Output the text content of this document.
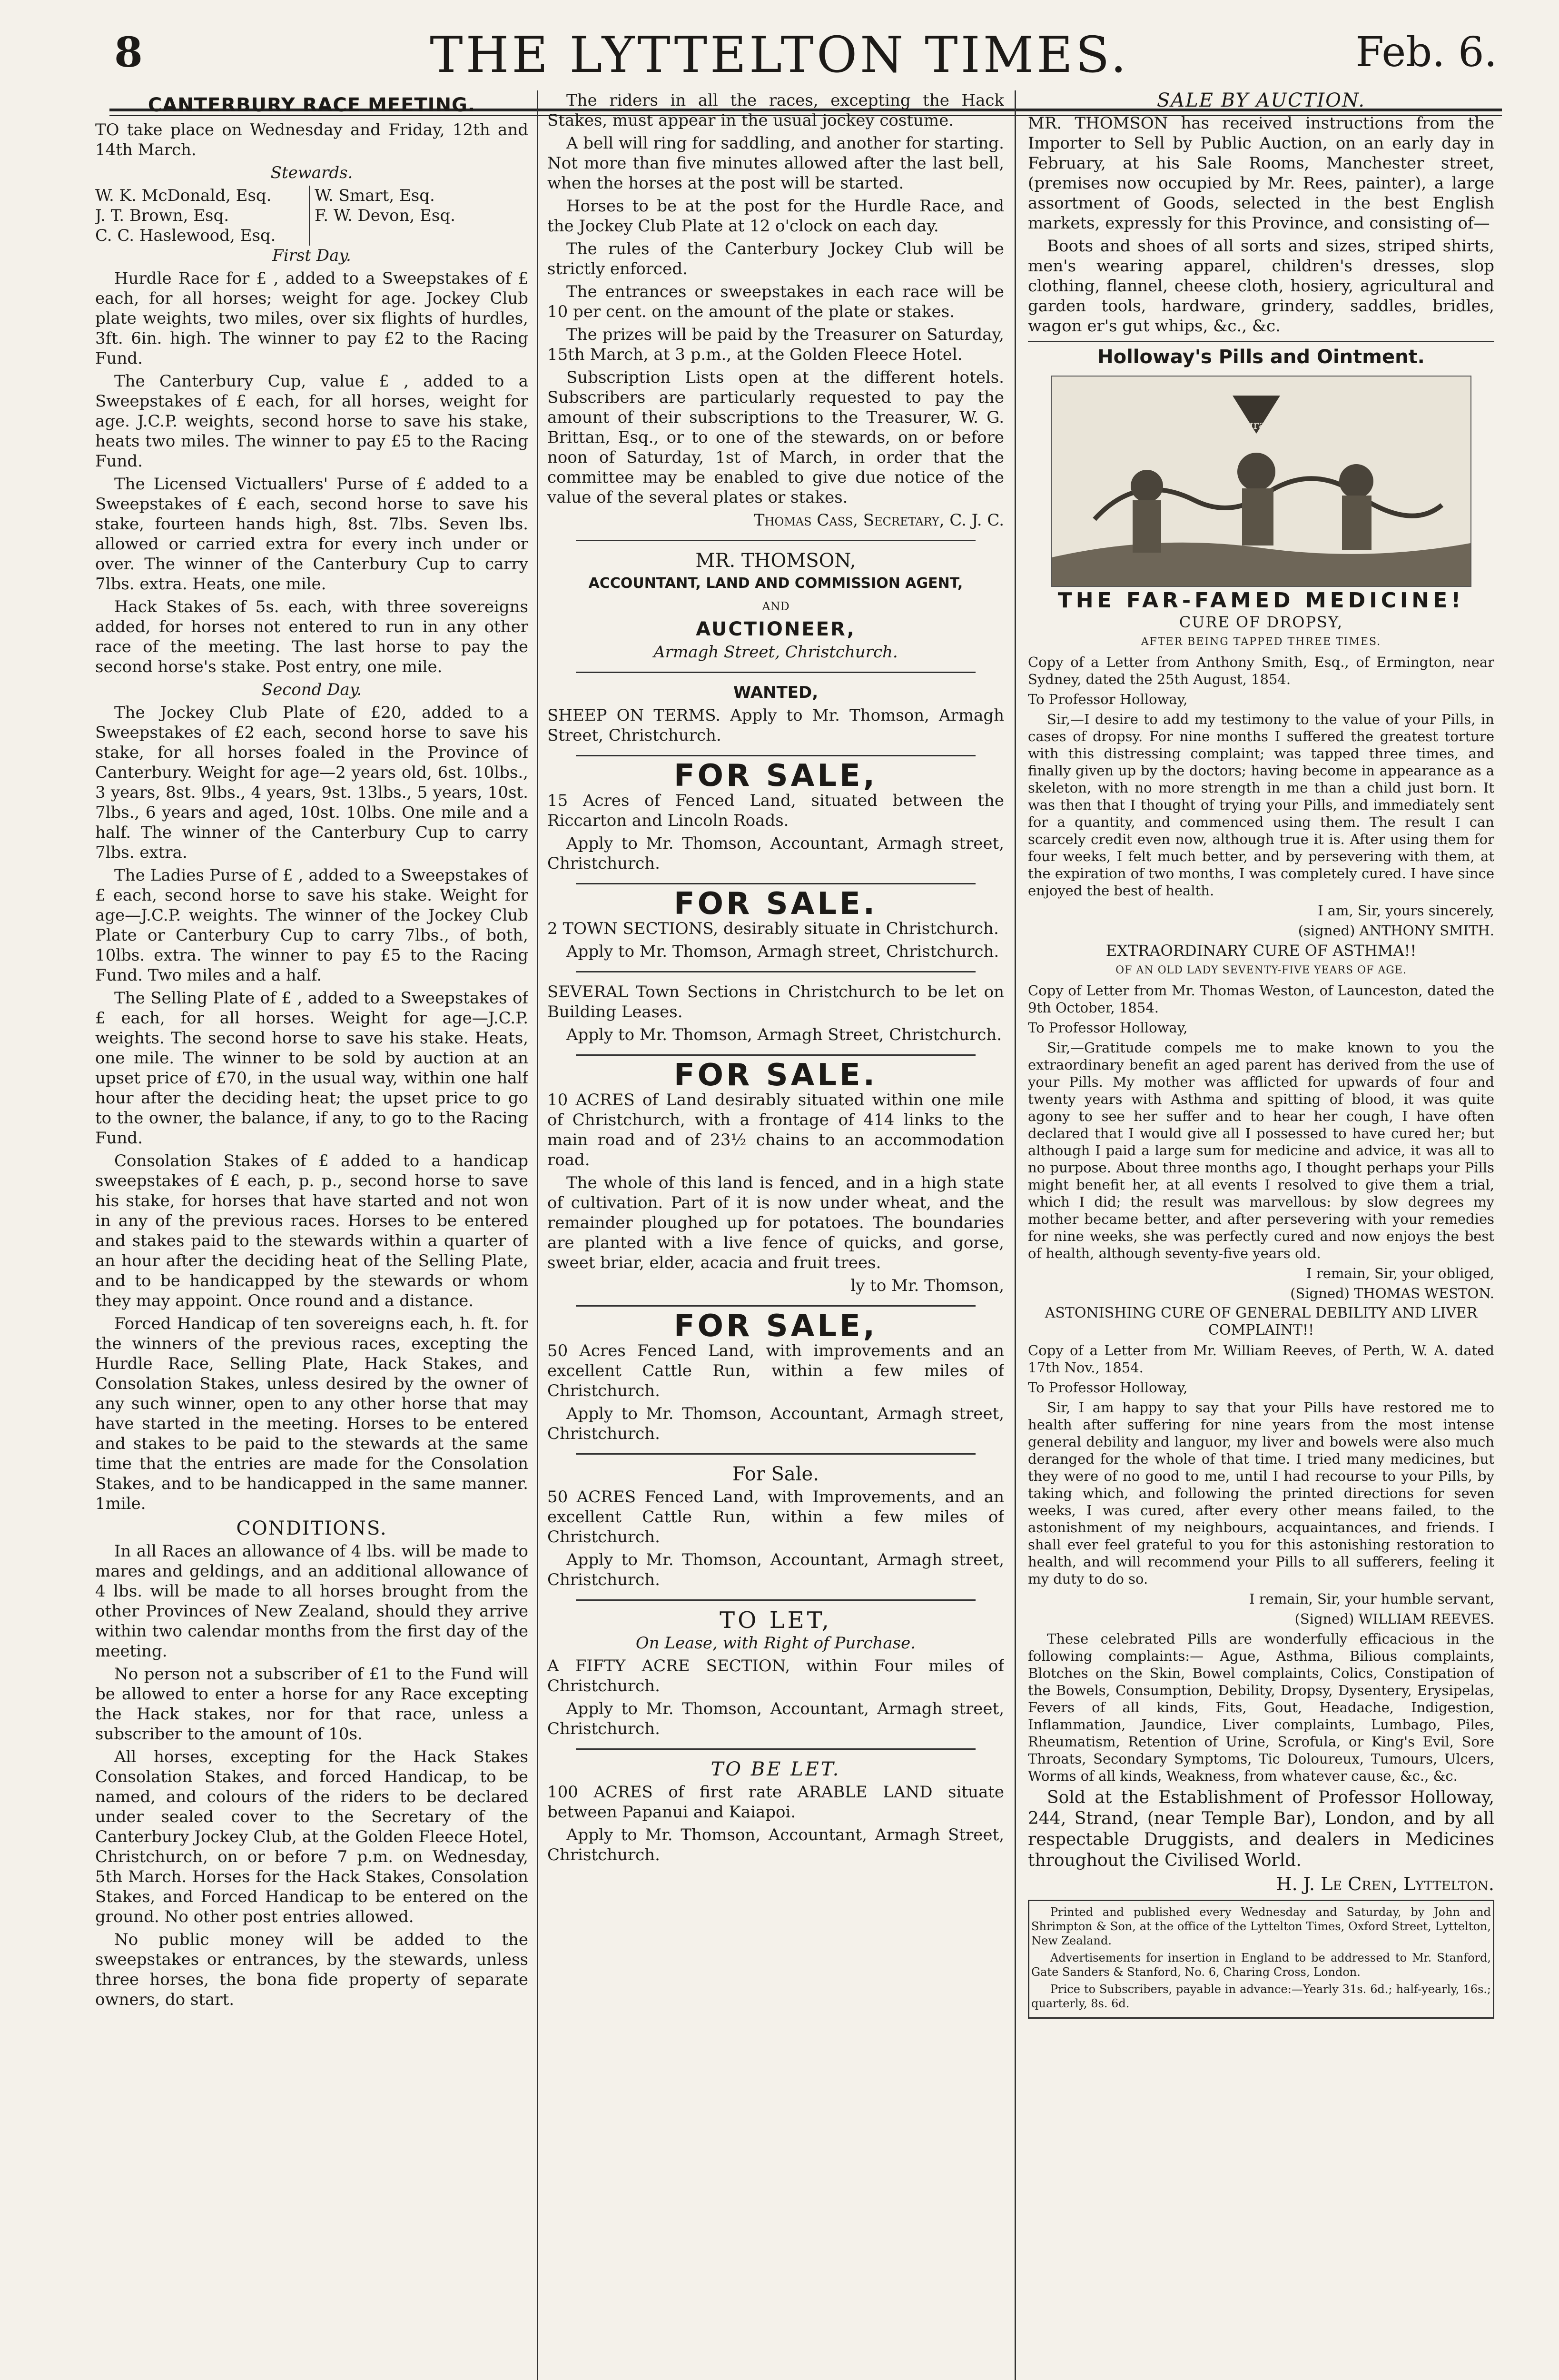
8	THE LYTTELTON TIMES.	Feb. 6.

CANTERBURY RACE MEETING.

TO take place on Wednesday and Friday, 12th and 14th March.

Stewards.

W. K. McDonald, Esq.
J. T. Brown, Esq.
C. C. Haslewood, Esq.
W. Smart, Esq.
F. W. Devon, Esq.

First Day.

Hurdle Race for £ , added to a Sweepstakes of £ each, for all horses; weight for age. Jockey Club plate weights, two miles, over six flights of hurdles, 3ft. 6in. high. The winner to pay £2 to the Racing Fund.

The Canterbury Cup, value £ , added to a Sweepstakes of £ each, for all horses, weight for age. J.C.P. weights, second horse to save his stake, heats two miles. The winner to pay £5 to the Racing Fund.

The Licensed Victuallers' Purse of £ added to a Sweepstakes of £ each, second horse to save his stake, fourteen hands high, 8st. 7lbs. Seven lbs. allowed or carried extra for every inch under or over. The winner of the Canterbury Cup to carry 7lbs. extra. Heats, one mile.

Hack Stakes of 5s. each, with three sovereigns added, for horses not entered to run in any other race of the meeting. The last horse to pay the second horse's stake. Post entry, one mile.

Second Day.

The Jockey Club Plate of £20, added to a Sweepstakes of £2 each, second horse to save his stake, for all horses foaled in the Province of Canterbury. Weight for age—2 years old, 6st. 10lbs., 3 years, 8st. 9lbs., 4 years, 9st. 13lbs., 5 years, 10st. 7lbs., 6 years and aged, 10st. 10lbs. One mile and a half. The winner of the Canterbury Cup to carry 7lbs. extra.

The Ladies Purse of £ , added to a Sweepstakes of £ each, second horse to save his stake. Weight for age—J.C.P. weights. The winner of the Jockey Club Plate or Canterbury Cup to carry 7lbs., of both, 10lbs. extra. The winner to pay £5 to the Racing Fund. Two miles and a half.

The Selling Plate of £ , added to a Sweepstakes of £ each, for all horses. Weight for age—J.C.P. weights. The second horse to save his stake. Heats, one mile. The winner to be sold by auction at an upset price of £70, in the usual way, within one half hour after the deciding heat; the upset price to go to the owner, the balance, if any, to go to the Racing Fund.

Consolation Stakes of £ added to a handicap sweepstakes of £ each, p. p., second horse to save his stake, for horses that have started and not won in any of the previous races. Horses to be entered and stakes paid to the stewards within a quarter of an hour after the deciding heat of the Selling Plate, and to be handicapped by the stewards or whom they may appoint. Once round and a distance.

Forced Handicap of ten sovereigns each, h. ft. for the winners of the previous races, excepting the Hurdle Race, Selling Plate, Hack Stakes, and Consolation Stakes, unless desired by the owner of any such winner, open to any other horse that may have started in the meeting. Horses to be entered and stakes to be paid to the stewards at the same time that the entries are made for the Consolation Stakes, and to be handicapped in the same manner. 1mile.

CONDITIONS.

In all Races an allowance of 4 lbs. will be made to mares and geldings, and an additional allowance of 4 lbs. will be made to all horses brought from the other Provinces of New Zealand, should they arrive within two calendar months from the first day of the meeting.

No person not a subscriber of £1 to the Fund will be allowed to enter a horse for any Race excepting the Hack stakes, nor for that race, unless a subscriber to the amount of 10s.

All horses, excepting for the Hack Stakes Consolation Stakes, and forced Handicap, to be named, and colours of the riders to be declared under sealed cover to the Secretary of the Canterbury Jockey Club, at the Golden Fleece Hotel, Christchurch, on or before 7 p.m. on Wednesday, 5th March. Horses for the Hack Stakes, Consolation Stakes, and Forced Handicap to be entered on the ground. No other post entries allowed.

No public money will be added to the sweepstakes or entrances, by the stewards, unless three horses, the bona fide property of separate owners, do start.

The riders in all the races, excepting the Hack Stakes, must appear in the usual jockey costume.

A bell will ring for saddling, and another for starting. Not more than five minutes allowed after the last bell, when the horses at the post will be started.

Horses to be at the post for the Hurdle Race, and the Jockey Club Plate at 12 o'clock on each day.

The rules of the Canterbury Jockey Club will be strictly enforced.

The entrances or sweepstakes in each race will be 10 per cent. on the amount of the plate or stakes.

The prizes will be paid by the Treasurer on Saturday, 15th March, at 3 p.m., at the Golden Fleece Hotel.

Subscription Lists open at the different hotels. Subscribers are particularly requested to pay the amount of their subscriptions to the Treasurer, W. G. Brittan, Esq., or to one of the stewards, on or before noon of Saturday, 1st of March, in order that the committee may be enabled to give due notice of the value of the several plates or stakes.

Thomas Cass, Secretary, C. J. C.

MR. THOMSON,

ACCOUNTANT, LAND AND COMMISSION AGENT,

AND

AUCTIONEER,

Armagh Street, Christchurch.

WANTED,

SHEEP ON TERMS. Apply to Mr. Thomson, Armagh Street, Christchurch.

FOR SALE,

15 Acres of Fenced Land, situated between the Riccarton and Lincoln Roads.

Apply to Mr. Thomson, Accountant, Armagh street, Christchurch.

FOR SALE.

2 TOWN SECTIONS, desirably situate in Christchurch.

Apply to Mr. Thomson, Armagh street, Christchurch.

SEVERAL Town Sections in Christchurch to be let on Building Leases.

Apply to Mr. Thomson, Armagh Street, Christchurch.

FOR SALE.

10 ACRES of Land desirably situated within one mile of Christchurch, with a frontage of 414 links to the main road and of 23½ chains to an accommodation road.

The whole of this land is fenced, and in a high state of cultivation. Part of it is now under wheat, and the remainder ploughed up for potatoes. The boundaries are planted with a live fence of quicks, and gorse, sweet briar, elder, acacia and fruit trees.

ly to Mr. Thomson,

FOR SALE,

50 Acres Fenced Land, with improvements and an excellent Cattle Run, within a few miles of Christchurch.

Apply to Mr. Thomson, Accountant, Armagh street, Christchurch.

For Sale.

50 ACRES Fenced Land, with Improvements, and an excellent Cattle Run, within a few miles of Christchurch.

Apply to Mr. Thomson, Accountant, Armagh street, Christchurch.

TO LET,

On Lease, with Right of Purchase.

A FIFTY ACRE SECTION, within Four miles of Christchurch.

Apply to Mr. Thomson, Accountant, Armagh street, Christchurch.

TO BE LET.

100 ACRES of first rate ARABLE LAND situate between Papanui and Kaiapoi.

Apply to Mr. Thomson, Accountant, Armagh Street, Christchurch.

SALE BY AUCTION.

MR. THOMSON has received instructions from the Importer to Sell by Public Auction, on an early day in February, at his Sale Rooms, Manchester street, (premises now occupied by Mr. Rees, painter), a large assortment of Goods, selected in the best English markets, expressly for this Province, and consisting of—

Boots and shoes of all sorts and sizes, striped shirts, men's wearing apparel, children's dresses, slop clothing, flannel, cheese cloth, hosiery, agricultural and garden tools, hardware, grindery, saddles, bridles, wagon er's gut whips, &c., &c.

Holloway's Pills and Ointment.

engraving

THE FAR-FAMED MEDICINE!

CURE OF DROPSY,

AFTER BEING TAPPED THREE TIMES.

Copy of a Letter from Anthony Smith, Esq., of Ermington, near Sydney, dated the 25th August, 1854.

To Professor Holloway,

Sir,—I desire to add my testimony to the value of your Pills, in cases of dropsy. For nine months I suffered the greatest torture with this distressing complaint; was tapped three times, and finally given up by the doctors; having become in appearance as a skeleton, with no more strength in me than a child just born. It was then that I thought of trying your Pills, and immediately sent for a quantity, and commenced using them. The result I can scarcely credit even now, although true it is. After using them for four weeks, I felt much better, and by persevering with them, at the expiration of two months, I was completely cured. I have since enjoyed the best of health.

I am, Sir, yours sincerely,

(signed) ANTHONY SMITH.

EXTRAORDINARY CURE OF ASTHMA!!

OF AN OLD LADY SEVENTY-FIVE YEARS OF AGE.

Copy of Letter from Mr. Thomas Weston, of Launceston, dated the 9th October, 1854.

To Professor Holloway,

Sir,—Gratitude compels me to make known to you the extraordinary benefit an aged parent has derived from the use of your Pills. My mother was afflicted for upwards of four and twenty years with Asthma and spitting of blood, it was quite agony to see her suffer and to hear her cough, I have often declared that I would give all I possessed to have cured her; but although I paid a large sum for medicine and advice, it was all to no purpose. About three months ago, I thought perhaps your Pills might benefit her, at all events I resolved to give them a trial, which I did; the result was marvellous: by slow degrees my mother became better, and after persevering with your remedies for nine weeks, she was perfectly cured and now enjoys the best of health, although seventy-five years old.

I remain, Sir, your obliged,

(Signed) THOMAS WESTON.

ASTONISHING CURE OF GENERAL DEBILITY AND LIVER COMPLAINT!!

Copy of a Letter from Mr. William Reeves, of Perth, W. A. dated 17th Nov., 1854.

To Professor Holloway,

Sir, I am happy to say that your Pills have restored me to health after suffering for nine years from the most intense general debility and languor, my liver and bowels were also much deranged for the whole of that time. I tried many medicines, but they were of no good to me, until I had recourse to your Pills, by taking which, and following the printed directions for seven weeks, I was cured, after every other means failed, to the astonishment of my neighbours, acquaintances, and friends. I shall ever feel grateful to you for this astonishing restoration to health, and will recommend your Pills to all sufferers, feeling it my duty to do so.

I remain, Sir, your humble servant,

(Signed) WILLIAM REEVES.

These celebrated Pills are wonderfully efficacious in the following complaints:— Ague, Asthma, Bilious complaints, Blotches on the Skin, Bowel complaints, Colics, Constipation of the Bowels, Consumption, Debility, Dropsy, Dysentery, Erysipelas, Fevers of all kinds, Fits, Gout, Headache, Indigestion, Inflammation, Jaundice, Liver complaints, Lumbago, Piles, Rheumatism, Retention of Urine, Scrofula, or King's Evil, Sore Throats, Secondary Symptoms, Tic Doloureux, Tumours, Ulcers, Worms of all kinds, Weakness, from whatever cause, &c., &c.

Sold at the Establishment of Professor Holloway, 244, Strand, (near Temple Bar), London, and by all respectable Druggists, and dealers in Medicines throughout the Civilised World.

H. J. Le Cren, Lyttelton.

Printed and published every Wednesday and Saturday, by John and Shrimpton & Son, at the office of the Lyttelton Times, Oxford Street, Lyttelton, New Zealand.

Advertisements for insertion in England to be addressed to Mr. Stanford, Gate Sanders & Stanford, No. 6, Charing Cross, London.

Price to Subscribers, payable in advance:—Yearly 31s. 6d.; half-yearly, 16s.; quarterly, 8s. 6d.
